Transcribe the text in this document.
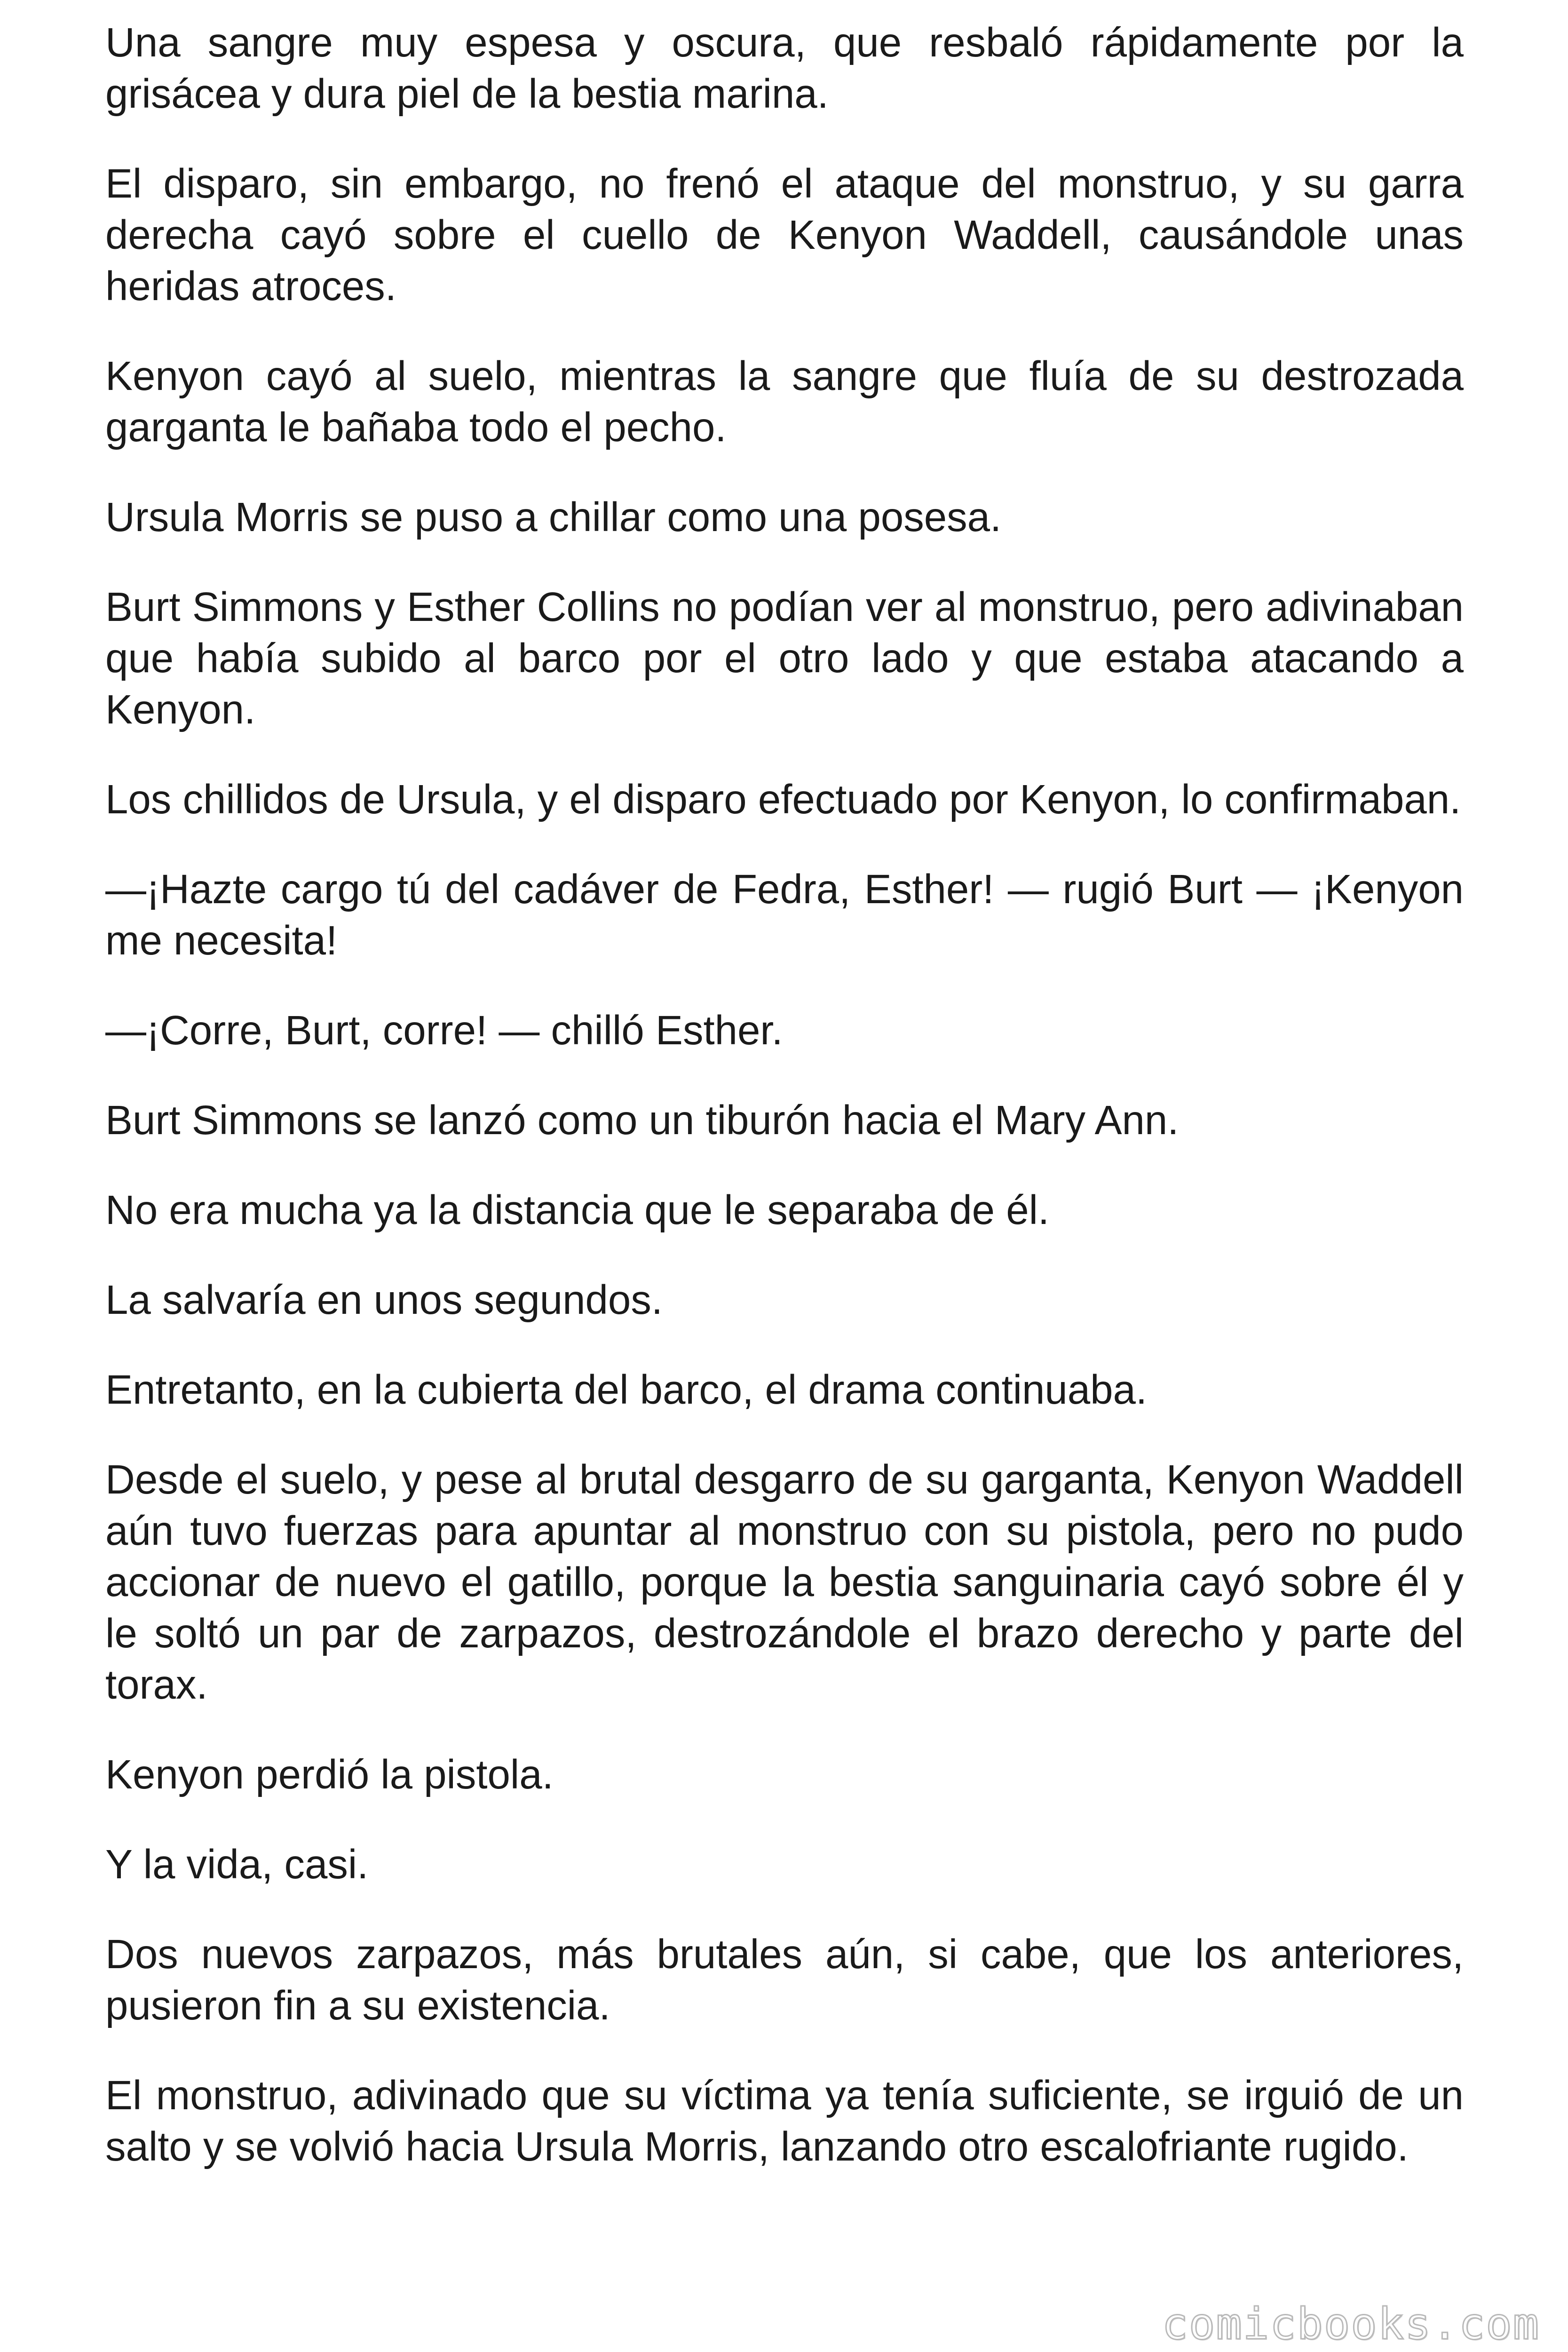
Una sangre muy espesa y oscura, que resbaló rápidamente por la grisácea y dura piel de la bestia marina.

El disparo, sin embargo, no frenó el ataque del monstruo, y su garra derecha cayó sobre el cuello de Kenyon Waddell, causándole unas heridas atroces.

Kenyon cayó al suelo, mientras la sangre que fluía de su destrozada garganta le bañaba todo el pecho.

Ursula Morris se puso a chillar como una posesa.

Burt Simmons y Esther Collins no podían ver al monstruo, pero adivinaban que había subido al barco por el otro lado y que estaba atacando a Kenyon.

Los chillidos de Ursula, y el disparo efectuado por Kenyon, lo confirmaban.

—¡Hazte cargo tú del cadáver de Fedra, Esther! — rugió Burt — ¡Kenyon me necesita!

—¡Corre, Burt, corre! — chilló Esther.

Burt Simmons se lanzó como un tiburón hacia el Mary Ann.

No era mucha ya la distancia que le separaba de él.

La salvaría en unos segundos.

Entretanto, en la cubierta del barco, el drama continuaba.

Desde el suelo, y pese al brutal desgarro de su garganta, Kenyon Waddell aún tuvo fuerzas para apuntar al monstruo con su pistola, pero no pudo accionar de nuevo el gatillo, porque la bestia sanguinaria cayó sobre él y le soltó un par de zarpazos, destrozándole el brazo derecho y parte del torax.

Kenyon perdió la pistola.

Y la vida, casi.

Dos nuevos zarpazos, más brutales aún, si cabe, que los anteriores, pusieron fin a su existencia.

El monstruo, adivinado que su víctima ya tenía suficiente, se irguió de un salto y se volvió hacia Ursula Morris, lanzando otro escalofriante rugido.

comicbooks.com
